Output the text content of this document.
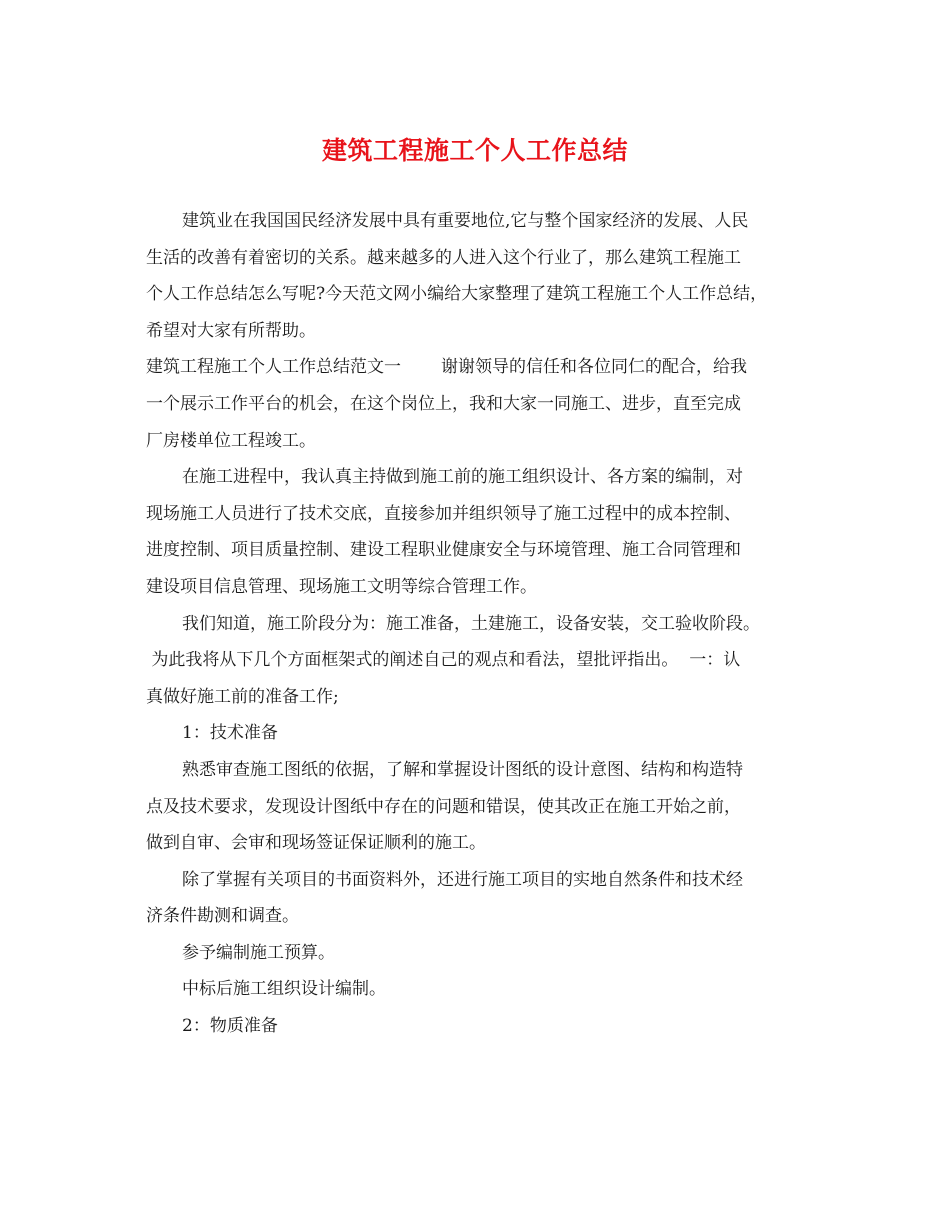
建筑工程施工个人工作总结
建筑业在我国国民经济发展中具有重要地位,它与整个国家经济的发展、人民
生活的改善有着密切的关系。越来越多的人进入这个行业了，那么建筑工程施工
个人工作总结怎么写呢?今天范文网小编给大家整理了建筑工程施工个人工作总结，
希望对大家有所帮助。
建筑工程施工个人工作总结范文一 谢谢领导的信任和各位同仁的配合，给我
一个展示工作平台的机会，在这个岗位上，我和大家一同施工、进步，直至完成
厂房楼单位工程竣工。
在施工进程中，我认真主持做到施工前的施工组织设计、各方案的编制，对
现场施工人员进行了技术交底，直接参加并组织领导了施工过程中的成本控制、
进度控制、项目质量控制、建设工程职业健康安全与环境管理、施工合同管理和
建设项目信息管理、现场施工文明等综合管理工作。
我们知道，施工阶段分为：施工准备，土建施工，设备安装，交工验收阶段。
为此我将从下几个方面框架式的阐述自己的观点和看法，望批评指出。  一：认
真做好施工前的准备工作;
1：技术准备
熟悉审查施工图纸的依据，了解和掌握设计图纸的设计意图、结构和构造特
点及技术要求，发现设计图纸中存在的问题和错误，使其改正在施工开始之前，
做到自审、会审和现场签证保证顺利的施工。
除了掌握有关项目的书面资料外，还进行施工项目的实地自然条件和技术经
济条件勘测和调查。
参予编制施工预算。
中标后施工组织设计编制。
2：物质准备
